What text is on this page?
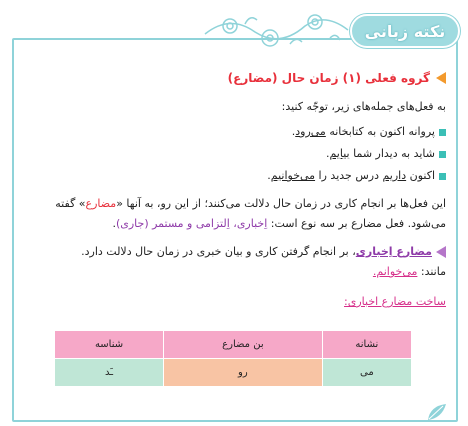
نکته زبانی
گروه فعلی (۱) زمان حال (مضارع)
به فعل‌های جمله‌های زیر، توجّه کنید:
پروانه اکنون به کتابخانه می‌رود.
شاید به دیدار شما بیایم.
اکنون داریم درس جدید را می‌خوانیم.
این فعل‌ها بر انجام کاری در زمان حال دلالت می‌کنند؛ از این رو، به آنها «مضارع» گفته
می‌شود. فعل مضارع بر سه نوع است: اِخباری، اِلتزامی و مستمر (جاری).
مضارع اِخباری، بر انجام گرفتن کاری و بیان خبری در زمان حال دلالت دارد.
مانند: می‌خوانم.
ساخت مضارع اخباری:
نشانه	بن مضارع	شناسه
می	رو	ـَد
